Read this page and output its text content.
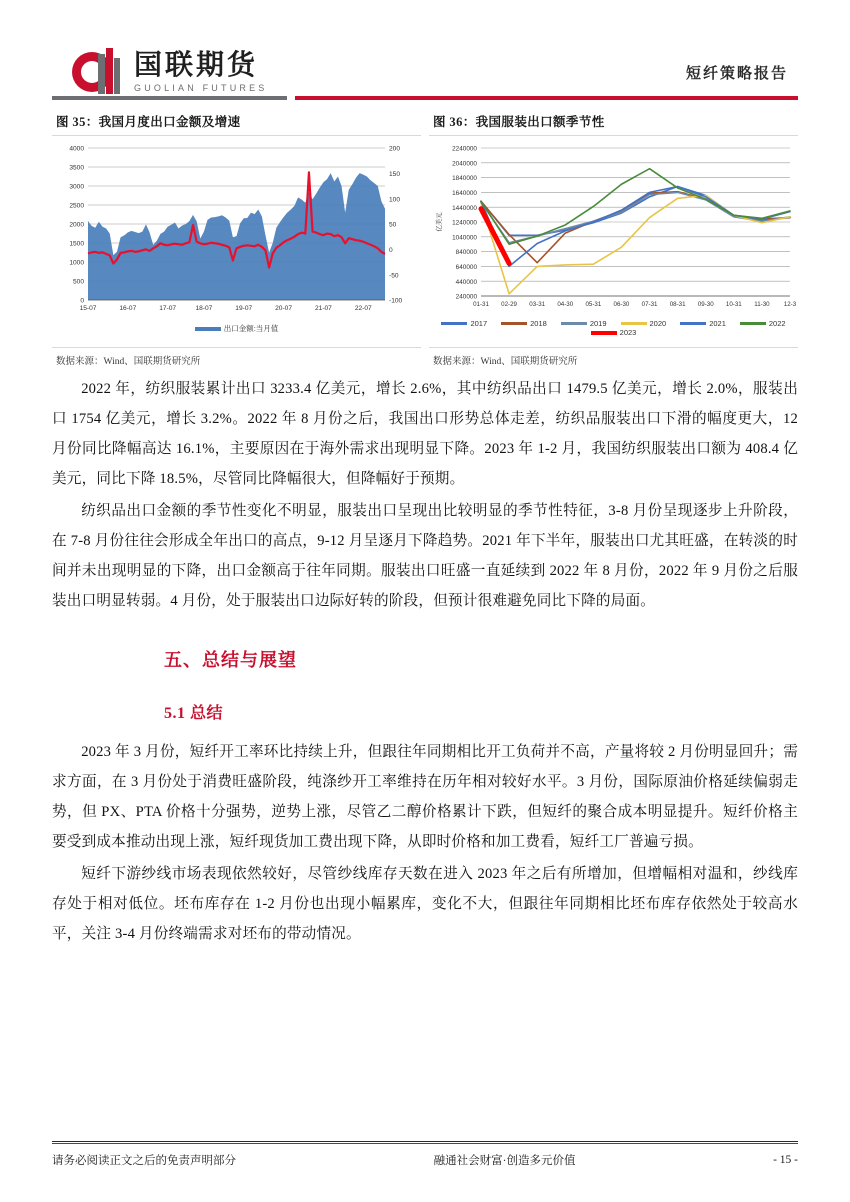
国联期货
GUOLIAN FUTURES
短纤策略报告
图 35：我国月度出口金额及增速
0
500
1000
1500
2000
2500
3000
3500
4000
-100
-50
0
50
100
150
200
15-07	16-07	17-07	18-07	19-07	20-07	21-07	22-07
出口金额:当月值
数据来源：Wind、国联期货研究所
图 36：我国服装出口额季节性
240000
440000
640000
840000
1040000
1240000
1440000
1640000
1840000
2040000
2240000
亿美元
01-31 02-29 03-31 04-30 05-31 06-30 07-31 08-31 09-30 10-31 11-30 12-3
2017	2018	2019	2020	2021	2022
2023
数据来源：Wind、国联期货研究所

2022 年，纺织服装累计出口 3233.4 亿美元，增长 2.6%，其中纺织品出口 1479.5 亿美元，增长 2.0%，服装出口 1754 亿美元，增长 3.2%。2022 年 8 月份之后，我国出口形势总体走差，纺织品服装出口下滑的幅度更大，12 月份同比降幅高达 16.1%，主要原因在于海外需求出现明显下降。2023 年 1-2 月，我国纺织服装出口额为 408.4 亿美元，同比下降 18.5%，尽管同比降幅很大，但降幅好于预期。

纺织品出口金额的季节性变化不明显，服装出口呈现出比较明显的季节性特征，3-8 月份呈现逐步上升阶段，在 7-8 月份往往会形成全年出口的高点，9-12 月呈逐月下降趋势。2021 年下半年，服装出口尤其旺盛，在转淡的时间并未出现明显的下降，出口金额高于往年同期。服装出口旺盛一直延续到 2022 年 8 月份，2022 年 9 月份之后服装出口明显转弱。4 月份，处于服装出口边际好转的阶段，但预计很难避免同比下降的局面。

五、总结与展望
5.1 总结

2023 年 3 月份，短纤开工率环比持续上升，但跟往年同期相比开工负荷并不高，产量将较 2 月份明显回升；需求方面，在 3 月份处于消费旺盛阶段，纯涤纱开工率维持在历年相对较好水平。3 月份，国际原油价格延续偏弱走势，但 PX、PTA 价格十分强势，逆势上涨，尽管乙二醇价格累计下跌，但短纤的聚合成本明显提升。短纤价格主要受到成本推动出现上涨，短纤现货加工费出现下降，从即时价格和加工费看，短纤工厂普遍亏损。

短纤下游纱线市场表现依然较好，尽管纱线库存天数在进入 2023 年之后有所增加，但增幅相对温和，纱线库存处于相对低位。坯布库存在 1-2 月份也出现小幅累库，变化不大，但跟往年同期相比坯布库存依然处于较高水平，关注 3-4 月份终端需求对坯布的带动情况。

请务必阅读正文之后的免责声明部分	融通社会财富·创造多元价值	- 15 -
